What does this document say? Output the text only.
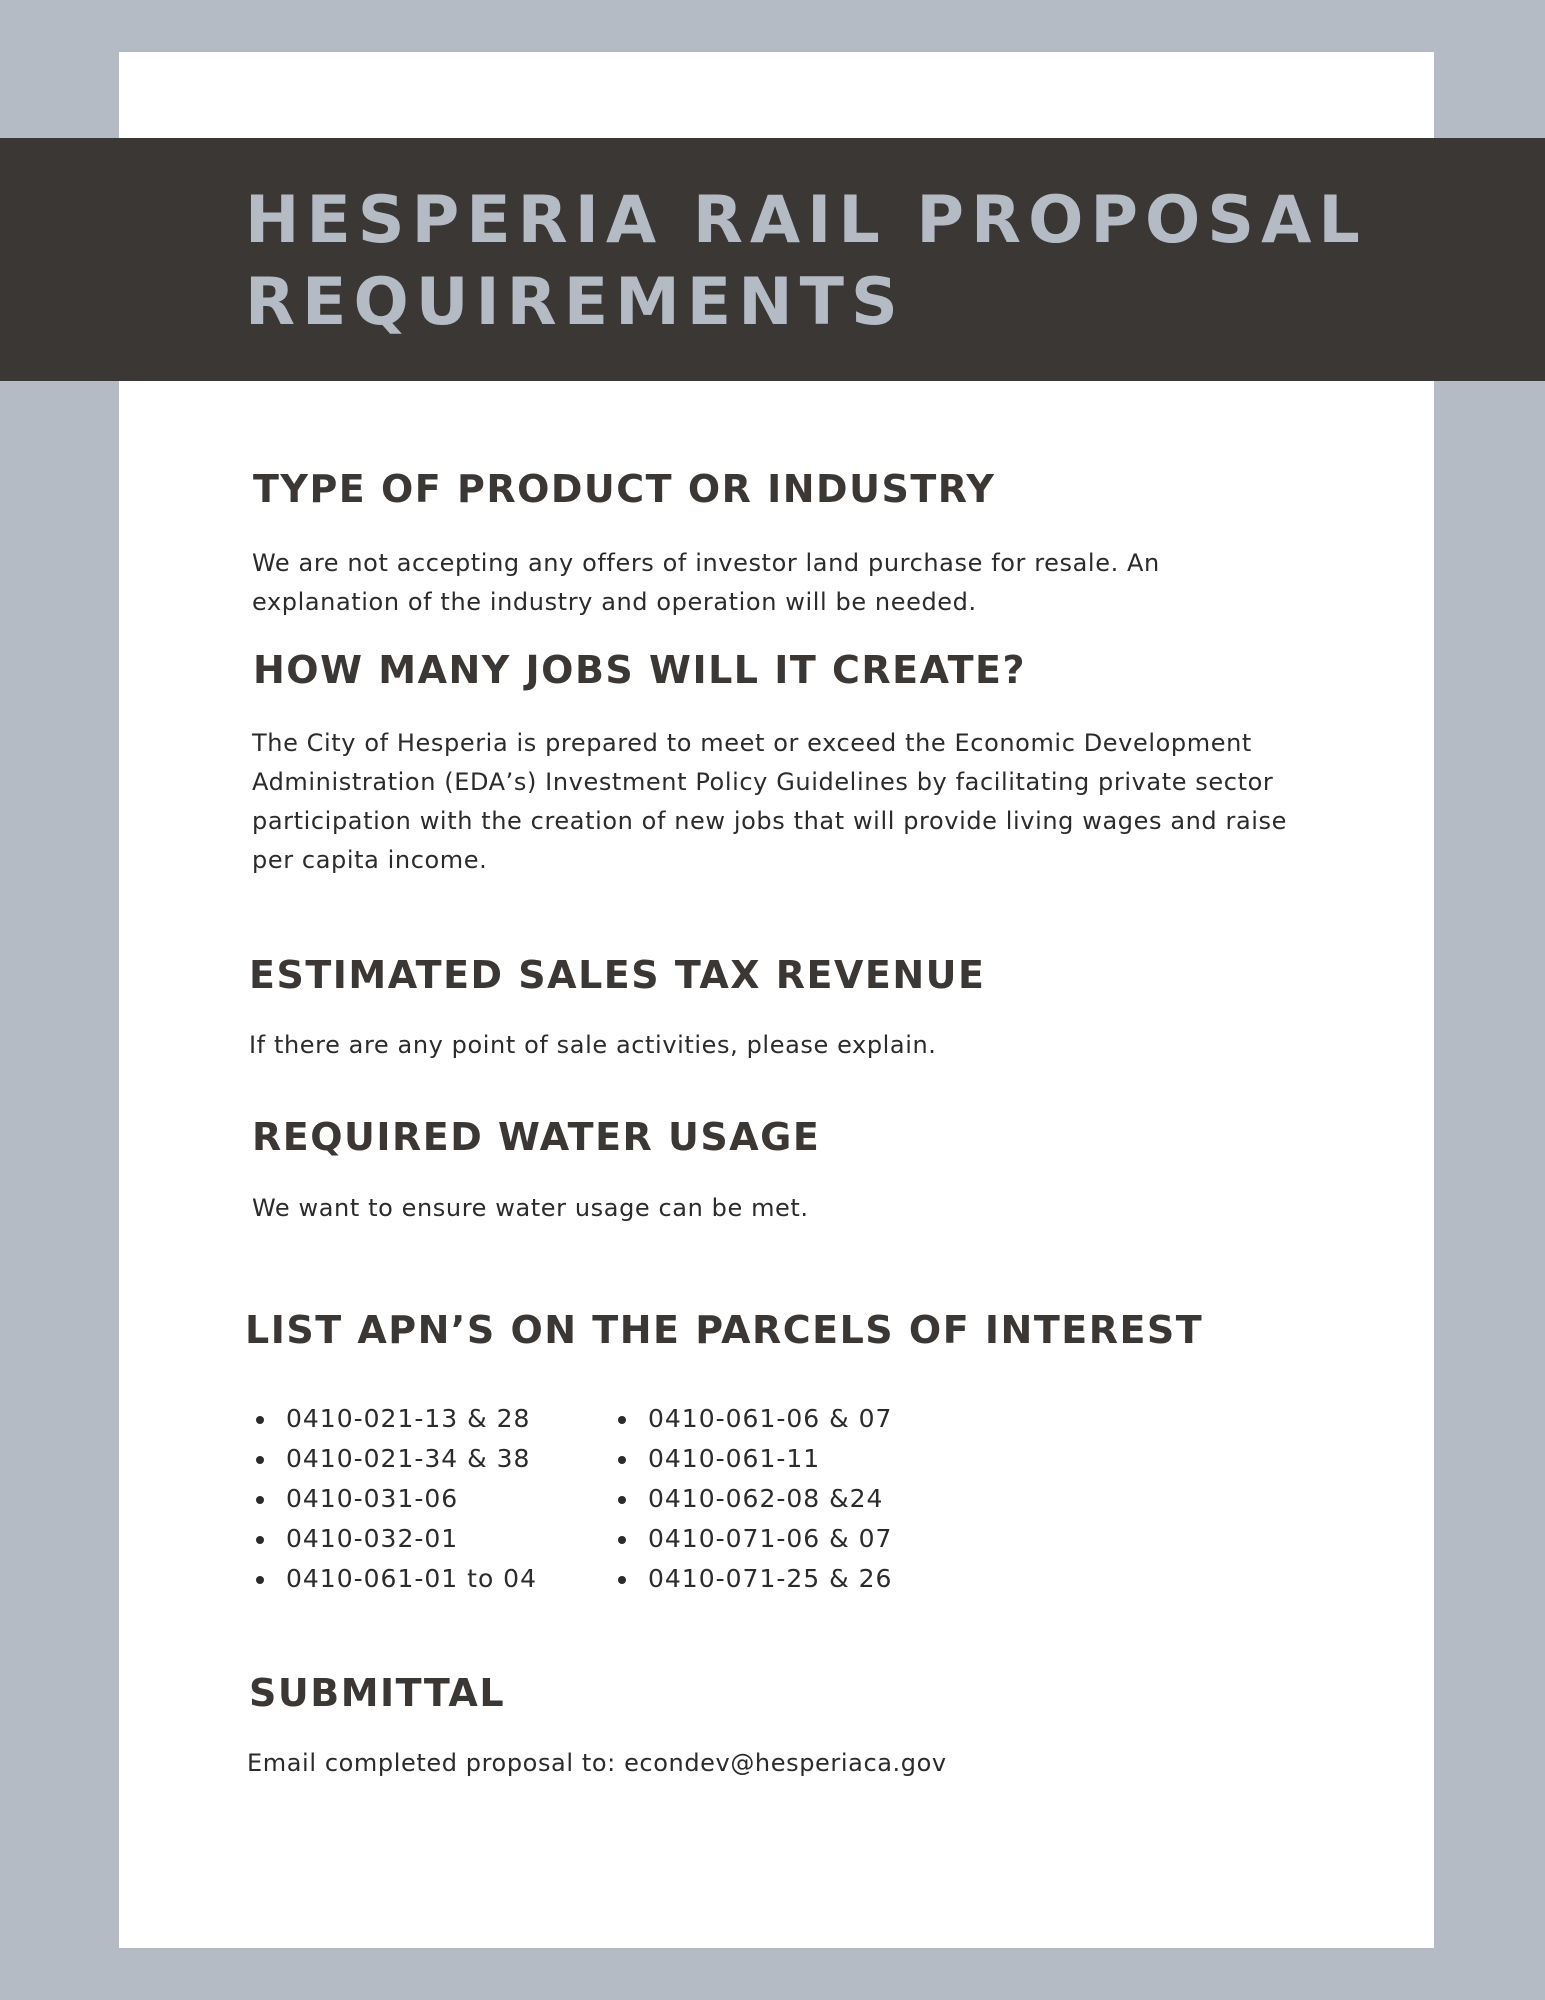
HESPERIA RAIL PROPOSAL REQUIREMENTS
TYPE OF PRODUCT OR INDUSTRY

We are not accepting any offers of investor land purchase for resale. An explanation of the industry and operation will be needed.

HOW MANY JOBS WILL IT CREATE?

The City of Hesperia is prepared to meet or exceed the Economic Development Administration (EDA’s) Investment Policy Guidelines by facilitating private sector participation with the creation of new jobs that will provide living wages and raise per capita income.

ESTIMATED SALES TAX REVENUE

If there are any point of sale activities, please explain.

REQUIRED WATER USAGE

We want to ensure water usage can be met.

LIST APN’S ON THE PARCELS OF INTEREST
0410-021-13 & 28
0410-021-34 & 38
0410-031-06
0410-032-01
0410-061-01 to 04
0410-061-06 & 07
0410-061-11
0410-062-08 &24
0410-071-06 & 07
0410-071-25 & 26
SUBMITTAL

Email completed proposal to: econdev@hesperiaca.gov
